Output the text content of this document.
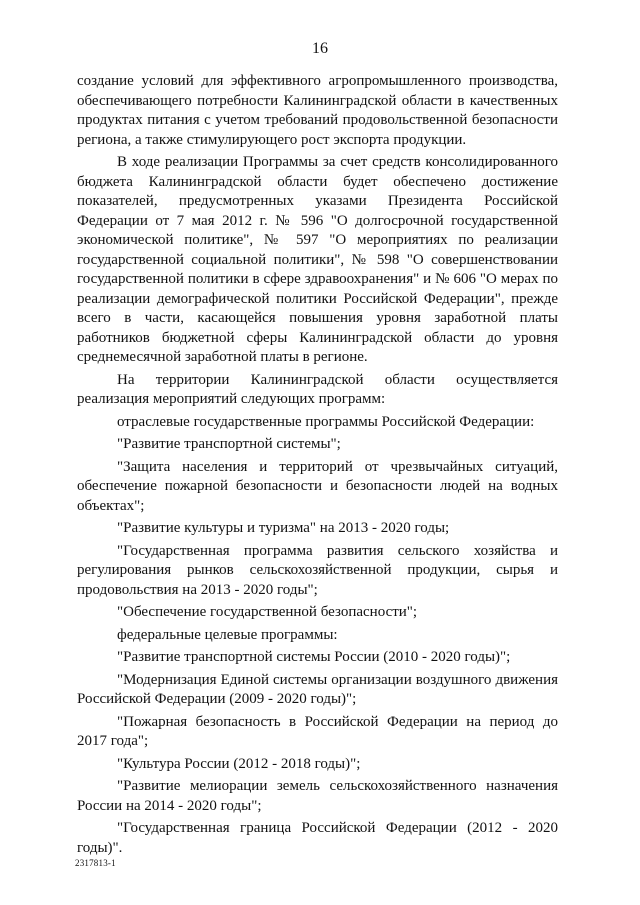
16

создание условий для эффективного агропромышленного производства, обеспечивающего потребности Калининградской области в качественных продуктах питания с учетом требований продовольственной безопасности региона, а также стимулирующего рост экспорта продукции.

В ходе реализации Программы за счет средств консолидированного бюджета Калининградской области будет обеспечено достижение показателей, предусмотренных указами Президента Российской Федерации от 7 мая 2012 г. № 596 "О долгосрочной государственной экономической политике", № 597 "О мероприятиях по реализации государственной социальной политики", № 598 "О совершенствовании государственной политики в сфере здравоохранения" и № 606 "О мерах по реализации демографической политики Российской Федерации", прежде всего в части, касающейся повышения уровня заработной платы работников бюджетной сферы Калининградской области до уровня среднемесячной заработной платы в регионе.

На территории Калининградской области осуществляется реализация мероприятий следующих программ:

отраслевые государственные программы Российской Федерации:

"Развитие транспортной системы";

"Защита населения и территорий от чрезвычайных ситуаций, обеспечение пожарной безопасности и безопасности людей на водных объектах";

"Развитие культуры и туризма" на 2013 - 2020 годы;

"Государственная программа развития сельского хозяйства и регулирования рынков сельскохозяйственной продукции, сырья и продовольствия на 2013 - 2020 годы";

"Обеспечение государственной безопасности";

федеральные целевые программы:

"Развитие транспортной системы России (2010 - 2020 годы)";

"Модернизация Единой системы организации воздушного движения Российской Федерации (2009 - 2020 годы)";

"Пожарная безопасность в Российской Федерации на период до 2017 года";

"Культура России (2012 - 2018 годы)";

"Развитие мелиорации земель сельскохозяйственного назначения России на 2014 - 2020 годы";

"Государственная граница Российской Федерации (2012 - 2020 годы)".

2317813-1
